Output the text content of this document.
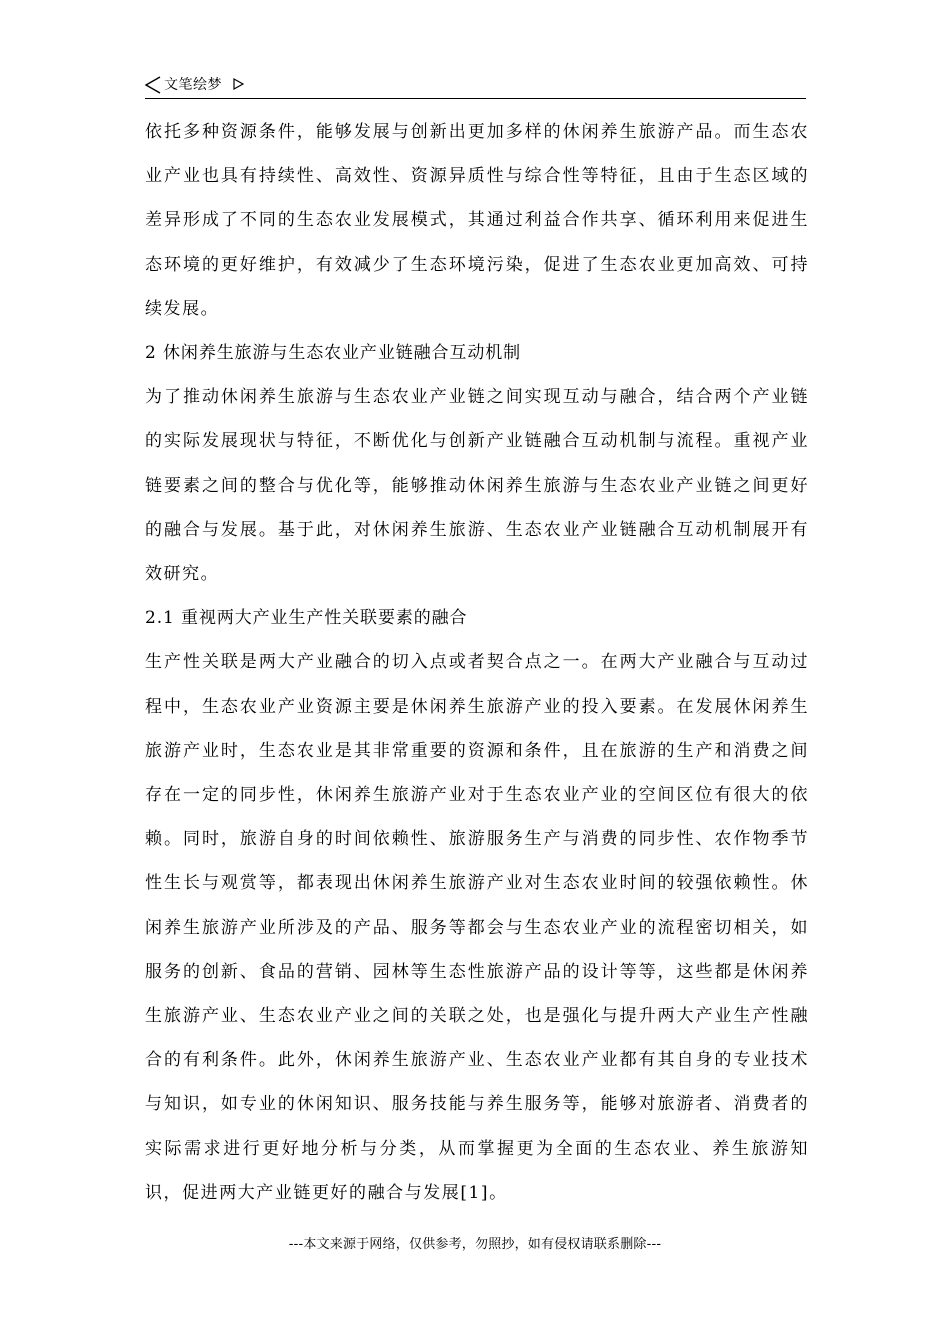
文笔绘梦

依托多种资源条件，能够发展与创新出更加多样的休闲养生旅游产品。而生态农业产业也具有持续性、高效性、资源异质性与综合性等特征，且由于生态区域的差异形成了不同的生态农业发展模式，其通过利益合作共享、循环利用来促进生态环境的更好维护，有效减少了生态环境污染，促进了生态农业更加高效、可持续发展。

2 休闲养生旅游与生态农业产业链融合互动机制

为了推动休闲养生旅游与生态农业产业链之间实现互动与融合，结合两个产业链的实际发展现状与特征，不断优化与创新产业链融合互动机制与流程。重视产业链要素之间的整合与优化等，能够推动休闲养生旅游与生态农业产业链之间更好的融合与发展。基于此，对休闲养生旅游、生态农业产业链融合互动机制展开有效研究。

2.1 重视两大产业生产性关联要素的融合

生产性关联是两大产业融合的切入点或者契合点之一。在两大产业融合与互动过程中，生态农业产业资源主要是休闲养生旅游产业的投入要素。在发展休闲养生旅游产业时，生态农业是其非常重要的资源和条件，且在旅游的生产和消费之间存在一定的同步性，休闲养生旅游产业对于生态农业产业的空间区位有很大的依赖。同时，旅游自身的时间依赖性、旅游服务生产与消费的同步性、农作物季节性生长与观赏等，都表现出休闲养生旅游产业对生态农业时间的较强依赖性。休闲养生旅游产业所涉及的产品、服务等都会与生态农业产业的流程密切相关，如服务的创新、食品的营销、园林等生态性旅游产品的设计等等，这些都是休闲养生旅游产业、生态农业产业之间的关联之处，也是强化与提升两大产业生产性融合的有利条件。此外，休闲养生旅游产业、生态农业产业都有其自身的专业技术与知识，如专业的休闲知识、服务技能与养生服务等，能够对旅游者、消费者的实际需求进行更好地分析与分类，从而掌握更为全面的生态农业、养生旅游知识，促进两大产业链更好的融合与发展[1]。

---本文来源于网络，仅供参考，勿照抄，如有侵权请联系删除---
